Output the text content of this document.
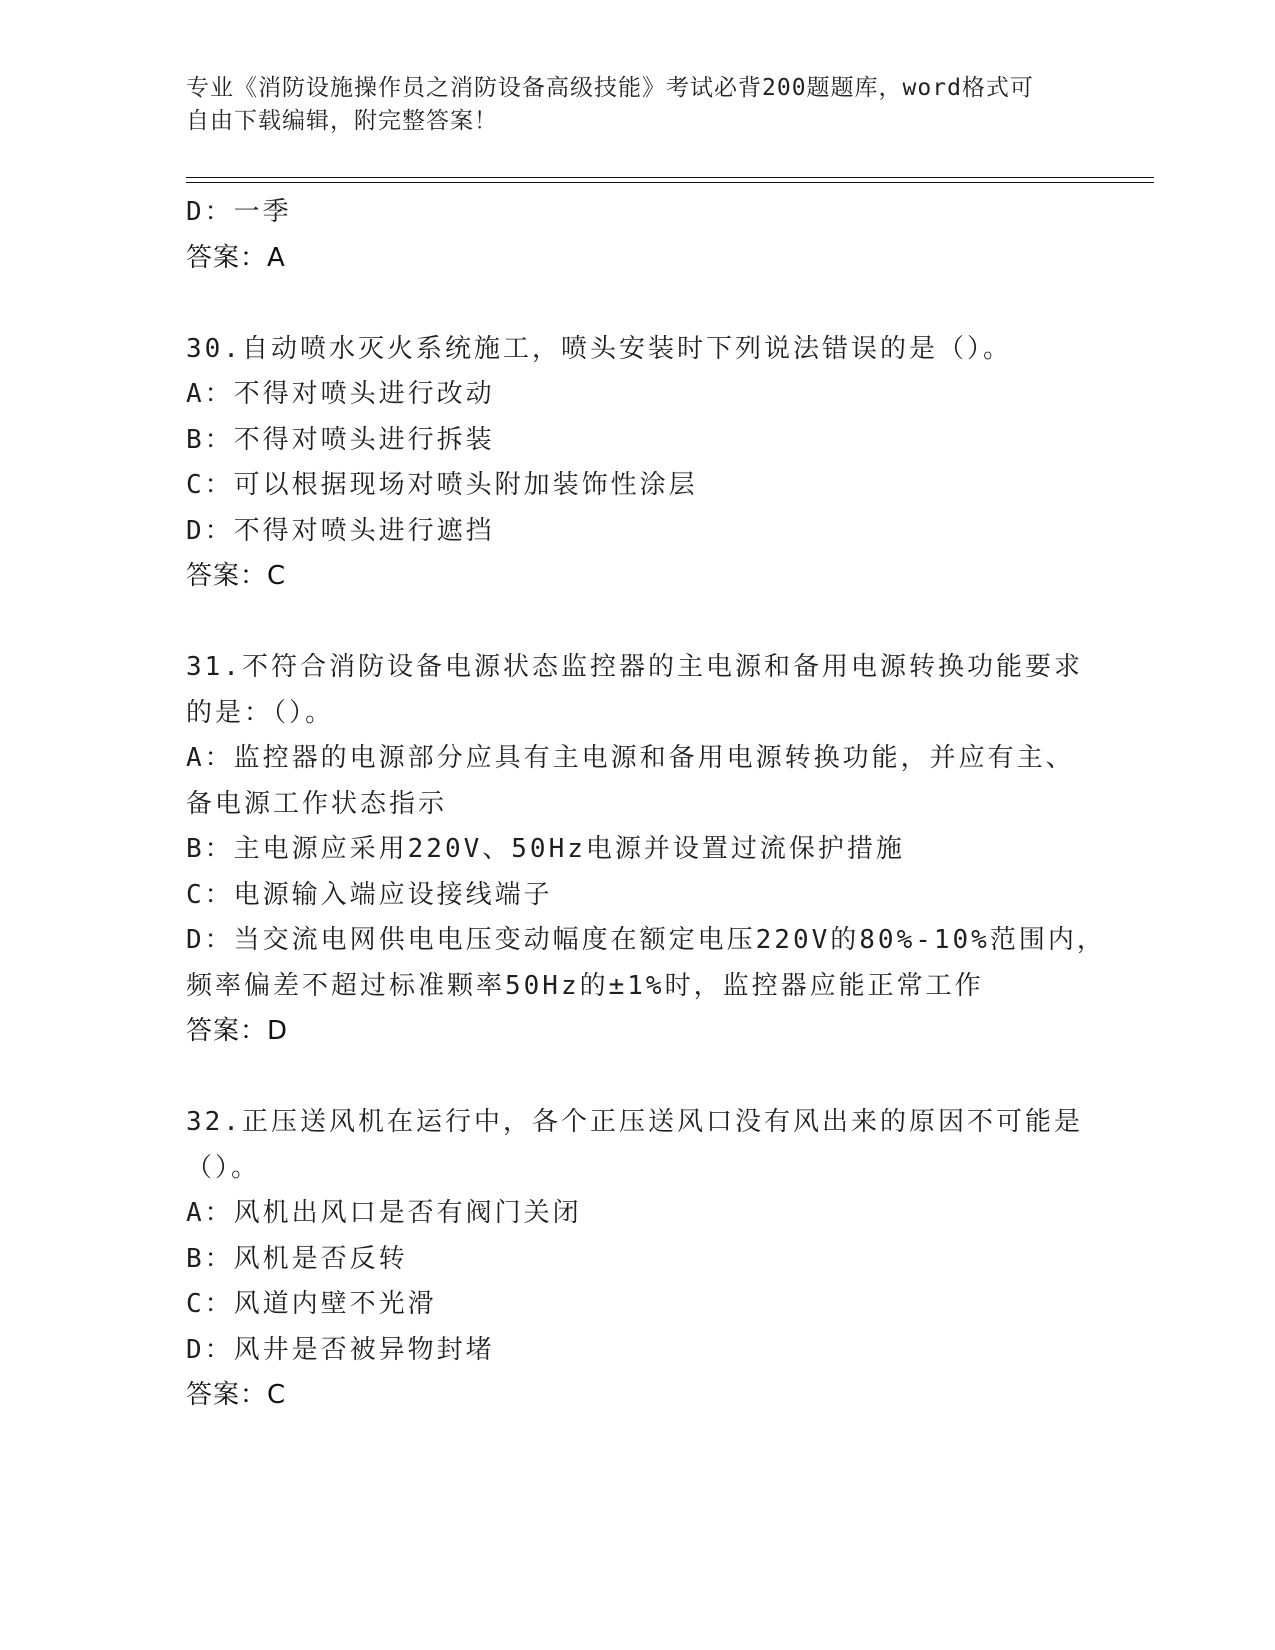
专业《消防设施操作员之消防设备高级技能》考试必背200题题库，word格式可
自由下载编辑，附完整答案！
D：一季
答案：A
30.自动喷水灭火系统施工，喷头安装时下列说法错误的是（）。
A：不得对喷头进行改动
B：不得对喷头进行拆装
C：可以根据现场对喷头附加装饰性涂层
D：不得对喷头进行遮挡
答案：C
31.不符合消防设备电源状态监控器的主电源和备用电源转换功能要求
的是：（）。
A：监控器的电源部分应具有主电源和备用电源转换功能，并应有主、
备电源工作状态指示
B：主电源应采用220V、50Hz电源并设置过流保护措施
C：电源输入端应设接线端子
D：当交流电网供电电压变动幅度在额定电压220V的80%-10%范围内，
频率偏差不超过标准颗率50Hz的±1%时，监控器应能正常工作
答案：D
32.正压送风机在运行中，各个正压送风口没有风出来的原因不可能是
（）。
A：风机出风口是否有阀门关闭
B：风机是否反转
C：风道内壁不光滑
D：风井是否被异物封堵
答案：C
